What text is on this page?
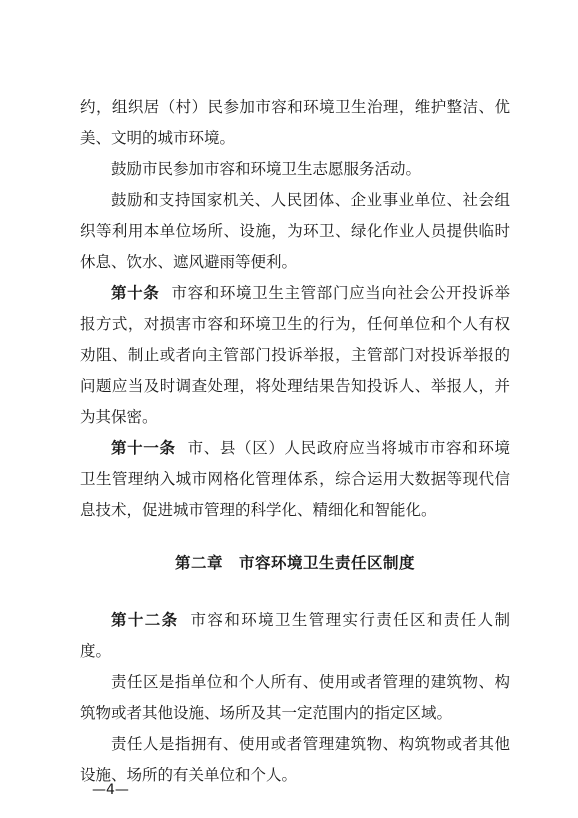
约，组织居（村）民参加市容和环境卫生治理，维护整洁、优美、文明的城市环境。

鼓励市民参加市容和环境卫生志愿服务活动。

鼓励和支持国家机关、人民团体、企业事业单位、社会组织等利用本单位场所、设施，为环卫、绿化作业人员提供临时休息、饮水、遮风避雨等便利。

第十条 市容和环境卫生主管部门应当向社会公开投诉举报方式，对损害市容和环境卫生的行为，任何单位和个人有权劝阻、制止或者向主管部门投诉举报，主管部门对投诉举报的问题应当及时调查处理，将处理结果告知投诉人、举报人，并为其保密。

第十一条 市、县（区）人民政府应当将城市市容和环境卫生管理纳入城市网格化管理体系，综合运用大数据等现代信息技术，促进城市管理的科学化、精细化和智能化。

第二章 市容环境卫生责任区制度

第十二条 市容和环境卫生管理实行责任区和责任人制度。

责任区是指单位和个人所有、使用或者管理的建筑物、构筑物或者其他设施、场所及其一定范围内的指定区域。

责任人是指拥有、使用或者管理建筑物、构筑物或者其他设施、场所的有关单位和个人。

—4—
